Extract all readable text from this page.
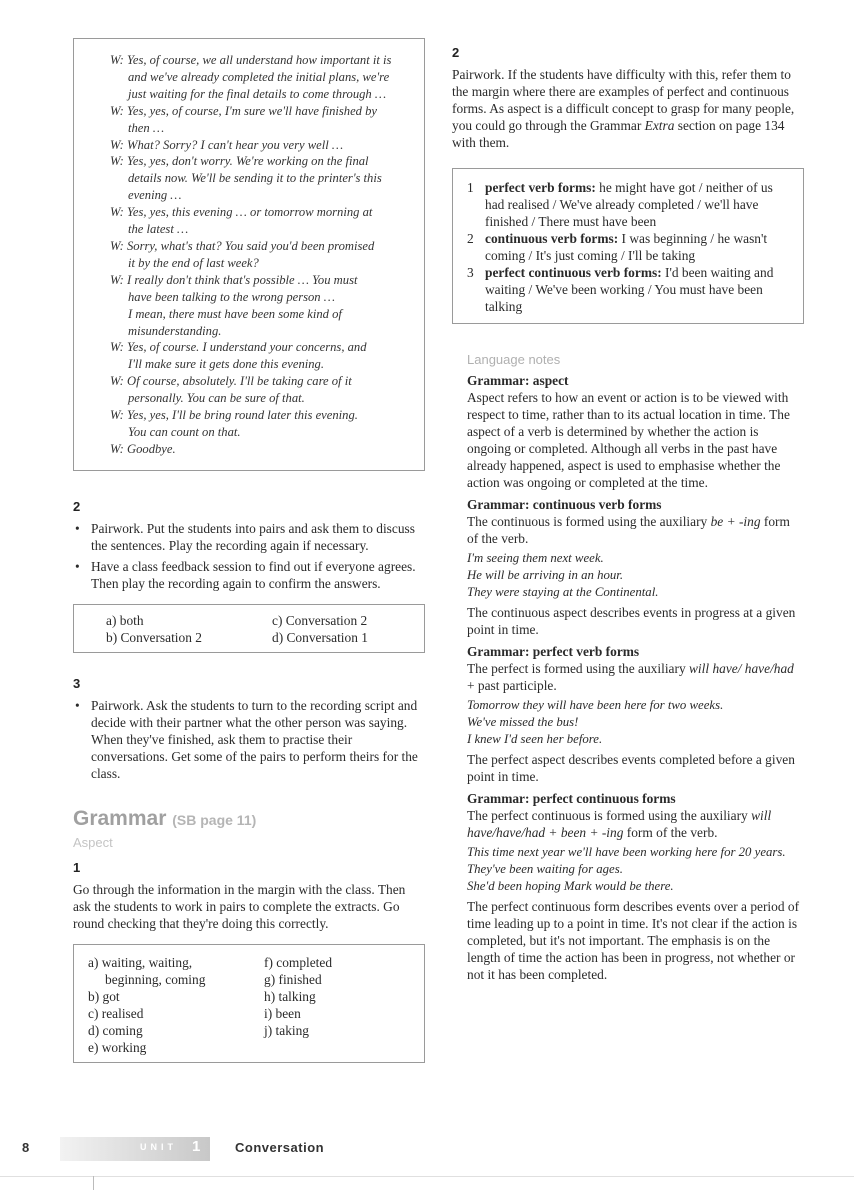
W: Yes, of course, we all understand how important it is
and we've already completed the initial plans, we're
just waiting for the final details to come through …
W: Yes, yes, of course, I'm sure we'll have finished by
then …
W: What? Sorry? I can't hear you very well …
W: Yes, yes, don't worry. We're working on the final
details now. We'll be sending it to the printer's this
evening …
W: Yes, yes, this evening … or tomorrow morning at
the latest …
W: Sorry, what's that? You said you'd been promised
it by the end of last week?
W: I really don't think that's possible … You must
have been talking to the wrong person …
I mean, there must have been some kind of
misunderstanding.
W: Yes, of course. I understand your concerns, and
I'll make sure it gets done this evening.
W: Of course, absolutely. I'll be taking care of it
personally. You can be sure of that.
W: Yes, yes, I'll be bring round later this evening.
You can count on that.
W: Goodbye.
2
• Pairwork. Put the students into pairs and ask them to discuss the sentences. Play the recording again if necessary.
• Have a class feedback session to find out if everyone agrees. Then play the recording again to confirm the answers.
a) both	c) Conversation 2
b) Conversation 2	d) Conversation 1
3
• Pairwork. Ask the students to turn to the recording script and decide with their partner what the other person was saying. When they've finished, ask them to practise their conversations. Get some of the pairs to perform theirs for the class.
Grammar (SB page 11)
Aspect
1

Go through the information in the margin with the class. Then ask the students to work in pairs to complete the extracts. Go round checking that they're doing this correctly.

a) waiting, waiting,	f) completed
beginning, coming	g) finished
b) got	h) talking
c) realised	i) been
d) coming	j) taking
e) working
2

Pairwork. If the students have difficulty with this, refer them to the margin where there are examples of perfect and continuous forms. As aspect is a difficult concept to grasp for many people, you could go through the Grammar Extra section on page 134 with them.

1 perfect verb forms: he might have got / neither of us had realised / We've already completed / we'll have finished / There must have been
2 continuous verb forms: I was beginning / he wasn't coming / It's just coming / I'll be taking
3 perfect continuous verb forms: I'd been waiting and waiting / We've been working / You must have been talking
Language notes
Grammar: aspect

Aspect refers to how an event or action is to be viewed with respect to time, rather than to its actual location in time. The aspect of a verb is determined by whether the action is ongoing or completed. Although all verbs in the past have already happened, aspect is used to emphasise whether the action was ongoing or completed at the time.

Grammar: continuous verb forms

The continuous is formed using the auxiliary be + -ing form of the verb.

I'm seeing them next week.
He will be arriving in an hour.
They were staying at the Continental.

The continuous aspect describes events in progress at a given point in time.

Grammar: perfect verb forms

The perfect is formed using the auxiliary will have/ have/had + past participle.

Tomorrow they will have been here for two weeks.
We've missed the bus!
I knew I'd seen her before.

The perfect aspect describes events completed before a given point in time.

Grammar: perfect continuous forms

The perfect continuous is formed using the auxiliary will have/have/had + been + -ing form of the verb.

This time next year we'll have been working here for 20 years.
They've been waiting for ages.
She'd been hoping Mark would be there.

The perfect continuous form describes events over a period of time leading up to a point in time. It's not clear if the action is completed, but it's not important. The emphasis is on the length of time the action has been in progress, not whether or not it has been completed.

8	UNIT 1	Conversation
